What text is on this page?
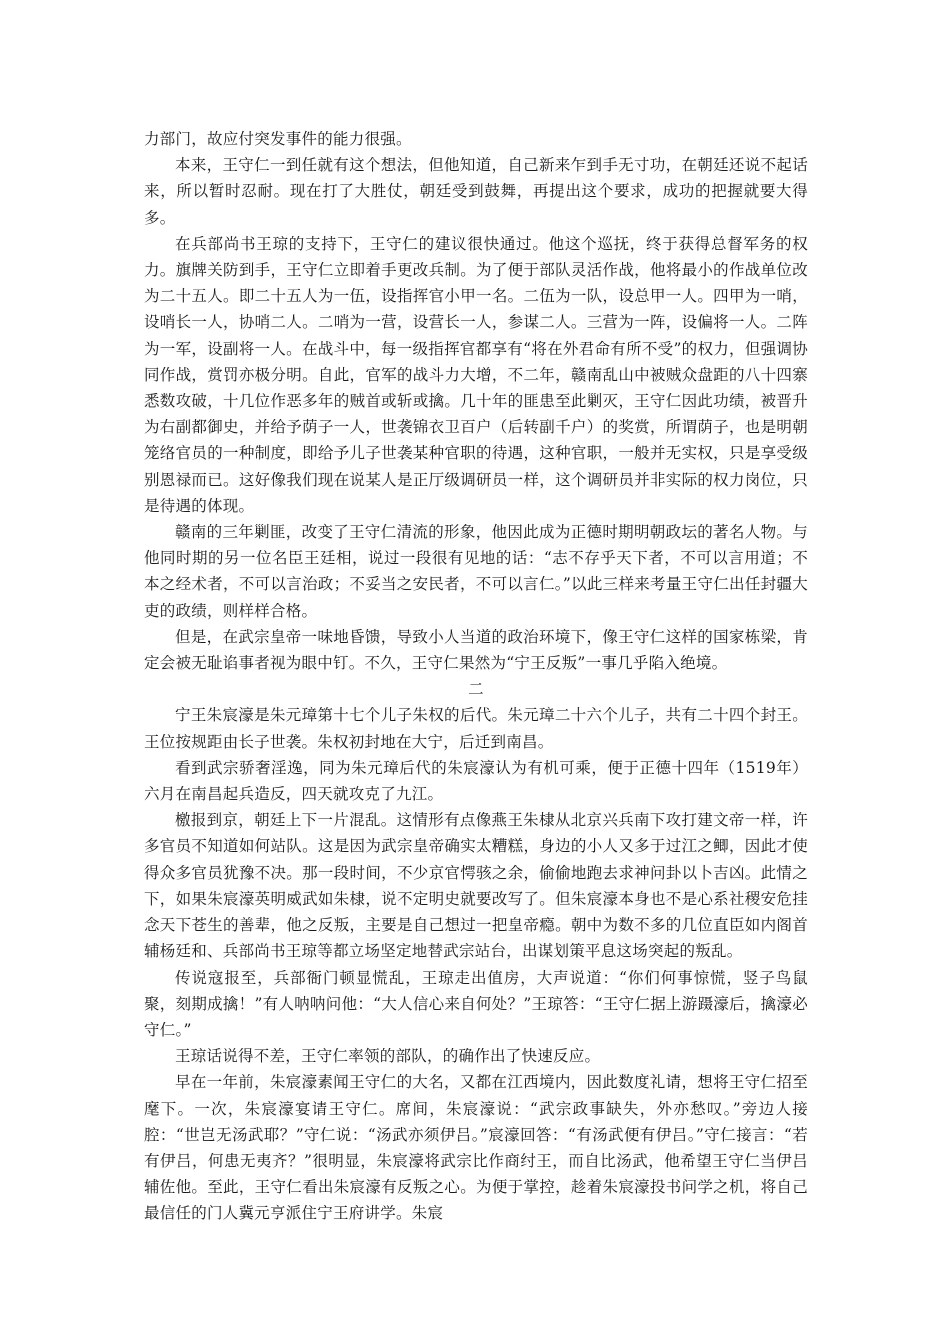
力部门，故应付突发事件的能力很强。

本来，王守仁一到任就有这个想法，但他知道，自己新来乍到手无寸功，在朝廷还说不起话来，所以暂时忍耐。现在打了大胜仗，朝廷受到鼓舞，再提出这个要求，成功的把握就要大得多。

在兵部尚书王琼的支持下，王守仁的建议很快通过。他这个巡抚，终于获得总督军务的权力。旗牌关防到手，王守仁立即着手更改兵制。为了便于部队灵活作战，他将最小的作战单位改为二十五人。即二十五人为一伍，设指挥官小甲一名。二伍为一队，设总甲一人。四甲为一哨，设哨长一人，协哨二人。二哨为一营，设营长一人，参谋二人。三营为一阵，设偏将一人。二阵为一军，设副将一人。在战斗中，每一级指挥官都享有“将在外君命有所不受”的权力，但强调协同作战，赏罚亦极分明。自此，官军的战斗力大增，不二年，赣南乱山中被贼众盘距的八十四寨悉数攻破，十几位作恶多年的贼首或斩或擒。几十年的匪患至此剿灭，王守仁因此功绩，被晋升为右副都御史，并给予荫子一人，世袭锦衣卫百户（后转副千户）的奖赏，所谓荫子，也是明朝笼络官员的一种制度，即给予儿子世袭某种官职的待遇，这种官职，一般并无实权，只是享受级别恩禄而已。这好像我们现在说某人是正厅级调研员一样，这个调研员并非实际的权力岗位，只是待遇的体现。

赣南的三年剿匪，改变了王守仁清流的形象，他因此成为正德时期明朝政坛的著名人物。与他同时期的另一位名臣王廷相，说过一段很有见地的话：“志不存乎天下者，不可以言用道；不本之经术者，不可以言治政；不妥当之安民者，不可以言仁。”以此三样来考量王守仁出任封疆大吏的政绩，则样样合格。

但是，在武宗皇帝一味地昏馈，导致小人当道的政治环境下，像王守仁这样的国家栋梁，肯定会被无耻谄事者视为眼中钉。不久，王守仁果然为“宁王反叛”一事几乎陷入绝境。

二

宁王朱宸濠是朱元璋第十七个儿子朱权的后代。朱元璋二十六个儿子，共有二十四个封王。王位按规距由长子世袭。朱权初封地在大宁，后迁到南昌。

看到武宗骄奢淫逸，同为朱元璋后代的朱宸濠认为有机可乘，便于正德十四年（1519年）六月在南昌起兵造反，四天就攻克了九江。

檄报到京，朝廷上下一片混乱。这情形有点像燕王朱棣从北京兴兵南下攻打建文帝一样，许多官员不知道如何站队。这是因为武宗皇帝确实太糟糕，身边的小人又多于过江之鲫，因此才使得众多官员犹豫不决。那一段时间，不少京官愕骇之余，偷偷地跑去求神问卦以卜吉凶。此情之下，如果朱宸濠英明威武如朱棣，说不定明史就要改写了。但朱宸濠本身也不是心系社稷安危挂念天下苍生的善辈，他之反叛，主要是自己想过一把皇帝瘾。朝中为数不多的几位直臣如内阁首辅杨廷和、兵部尚书王琼等都立场坚定地替武宗站台，出谋划策平息这场突起的叛乱。

传说寇报至，兵部衙门顿显慌乱，王琼走出值房，大声说道：“你们何事惊慌，竖子鸟鼠聚，刻期成擒！”有人呐呐问他：“大人信心来自何处？”王琼答：“王守仁据上游蹑濠后，擒濠必守仁。”

王琼话说得不差，王守仁率领的部队，的确作出了快速反应。

早在一年前，朱宸濠素闻王守仁的大名，又都在江西境内，因此数度礼请，想将王守仁招至麾下。一次，朱宸濠宴请王守仁。席间，朱宸濠说：“武宗政事缺失，外亦愁叹。”旁边人接腔：“世岂无汤武耶？”守仁说：“汤武亦须伊吕。”宸濠回答：“有汤武便有伊吕。”守仁接言：“若有伊吕，何患无夷齐？”很明显，朱宸濠将武宗比作商纣王，而自比汤武，他希望王守仁当伊吕辅佐他。至此，王守仁看出朱宸濠有反叛之心。为便于掌控，趁着朱宸濠投书问学之机，将自己最信任的门人冀元亨派住宁王府讲学。朱宸
